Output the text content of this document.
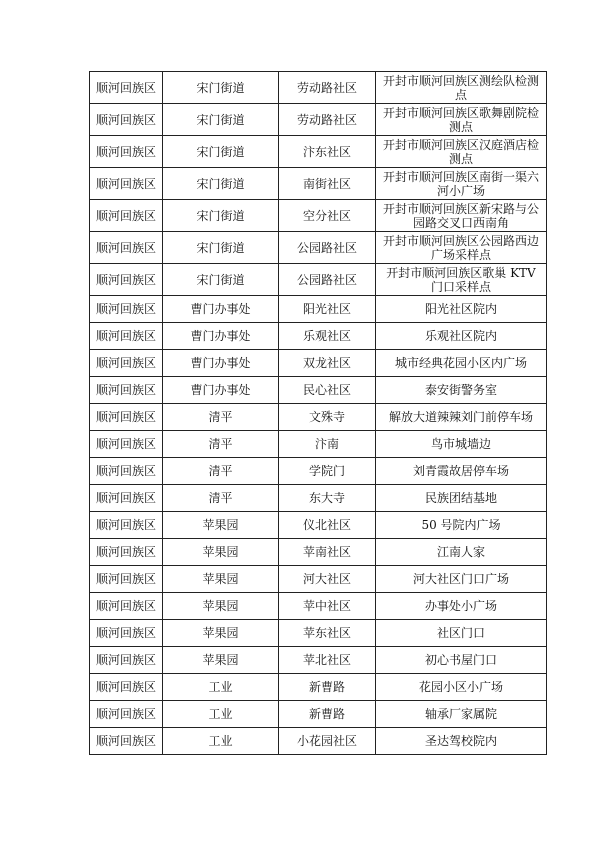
顺河回族区	宋门街道	劳动路社区	开封市顺河回族区测绘队检测点
顺河回族区	宋门街道	劳动路社区	开封市顺河回族区歌舞剧院检测点
顺河回族区	宋门街道	汴东社区	开封市顺河回族区汉庭酒店检测点
顺河回族区	宋门街道	南街社区	开封市顺河回族区南街一渠六河小广场
顺河回族区	宋门街道	空分社区	开封市顺河回族区新宋路与公园路交叉口西南角
顺河回族区	宋门街道	公园路社区	开封市顺河回族区公园路西边广场采样点
顺河回族区	宋门街道	公园路社区	开封市顺河回族区歌巢 KTV 门口采样点
顺河回族区	曹门办事处	阳光社区	阳光社区院内
顺河回族区	曹门办事处	乐观社区	乐观社区院内
顺河回族区	曹门办事处	双龙社区	城市经典花园小区内广场
顺河回族区	曹门办事处	民心社区	泰安街警务室
顺河回族区	清平	文殊寺	解放大道辣辣刘门前停车场
顺河回族区	清平	汴南	鸟市城墙边
顺河回族区	清平	学院门	刘青霞故居停车场
顺河回族区	清平	东大寺	民族团结基地
顺河回族区	苹果园	仪北社区	50 号院内广场
顺河回族区	苹果园	苹南社区	江南人家
顺河回族区	苹果园	河大社区	河大社区门口广场
顺河回族区	苹果园	苹中社区	办事处小广场
顺河回族区	苹果园	苹东社区	社区门口
顺河回族区	苹果园	苹北社区	初心书屋门口
顺河回族区	工业	新曹路	花园小区小广场
顺河回族区	工业	新曹路	轴承厂家属院
顺河回族区	工业	小花园社区	圣达驾校院内
